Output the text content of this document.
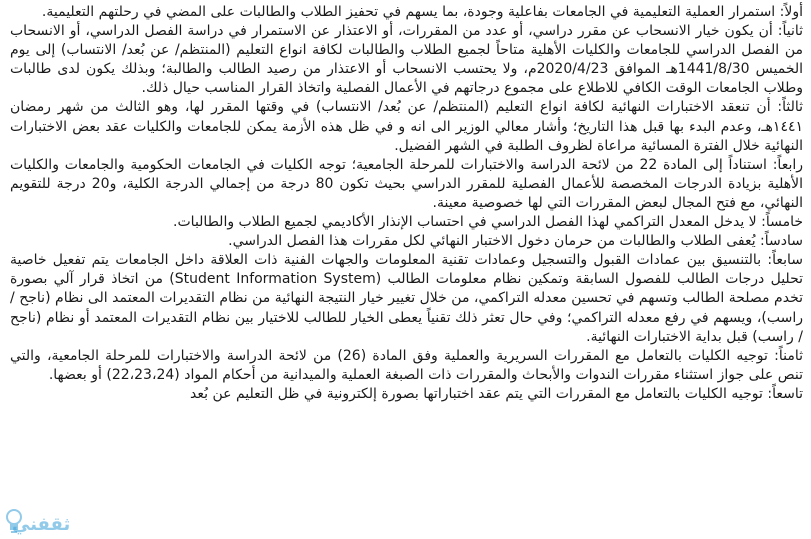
أولاً: استمرار العملية التعليمية في الجامعات بفاعلية وجودة، بما يسهم في تحفيز الطلاب والطالبات على المضي في رحلتهم التعليمية.

ثانياً: أن يكون خيار الانسحاب عن مقرر دراسي، أو عدد من المقررات، أو الاعتذار عن الاستمرار في دراسة الفصل الدراسي، أو الانسحاب من الفصل الدراسي للجامعات والكليات الأهلية متاحاً لجميع الطلاب والطالبات لكافة انواع التعليم (المنتظم/ عن بُعد/ الانتساب) إلى يوم الخميس 1441/8/30هـ الموافق 2020/4/23م، ولا يحتسب الانسحاب أو الاعتذار من رصيد الطالب والطالبة؛ وبذلك يكون لدى طالبات وطلاب الجامعات الوقت الكافي للاطلاع على مجموع درجاتهم في الأعمال الفصلية واتخاذ القرار المناسب حيال ذلك.

ثالثاً: أن تنعقد الاختبارات النهائية لكافة انواع التعليم (المنتظم/ عن بُعد/ الانتساب) في وقتها المقرر لها، وهو الثالث من شهر رمضان ١٤٤١هـ، وعدم البدء بها قبل هذا التاريخ؛ وأشار معالي الوزير الى انه و في ظل هذه الأزمة يمكن للجامعات والكليات عقد بعض الاختبارات النهائية خلال الفترة المسائية مراعاة لظروف الطلبة في الشهر الفضيل.

رابعاً: استناداً إلى المادة 22 من لائحة الدراسة والاختبارات للمرحلة الجامعية؛ توجه الكليات في الجامعات الحكومية والجامعات والكليات الأهلية بزيادة الدرجات المخصصة للأعمال الفصلية للمقرر الدراسي بحيث تكون 80 درجة من إجمالي الدرجة الكلية، و20 درجة للتقويم النهائي، مع فتح المجال لبعض المقررات التي لها خصوصية معينة.

خامساً: لا يدخل المعدل التراكمي لهذا الفصل الدراسي في احتساب الإنذار الأكاديمي لجميع الطلاب والطالبات.

سادساً: يُعفى الطلاب والطالبات من حرمان دخول الاختبار النهائي لكل مقررات هذا الفصل الدراسي.

سابعاً: بالتنسيق بين عمادات القبول والتسجيل وعمادات تقنية المعلومات والجهات الفنية ذات العلاقة داخل الجامعات يتم تفعيل خاصية تحليل درجات الطالب للفصول السابقة وتمكين نظام معلومات الطالب (Student Information System) من اتخاذ قرار آلي بصورة تخدم مصلحة الطالب وتسهم في تحسين معدله التراكمي، من خلال تغيير خيار النتيجة النهائية من نظام التقديرات المعتمد الى نظام (ناجح / راسب)، ويسهم في رفع معدله التراكمي؛ وفي حال تعثر ذلك تقنياً يعطى الخيار للطالب للاختيار بين نظام التقديرات المعتمد أو نظام (ناجح / راسب) قبل بداية الاختبارات النهائية.

ثامناً: توجيه الكليات بالتعامل مع المقررات السريرية والعملية وفق المادة (26) من لائحة الدراسة والاختبارات للمرحلة الجامعية، والتي تنص على جواز استثناء مقررات الندوات والأبحاث والمقررات ذات الصبغة العملية والميدانية من أحكام المواد (22،23،24) أو بعضها.

تاسعاً: توجيه الكليات بالتعامل مع المقررات التي يتم عقد اختباراتها بصورة إلكترونية في ظل التعليم عن بُعد

ثقفني
